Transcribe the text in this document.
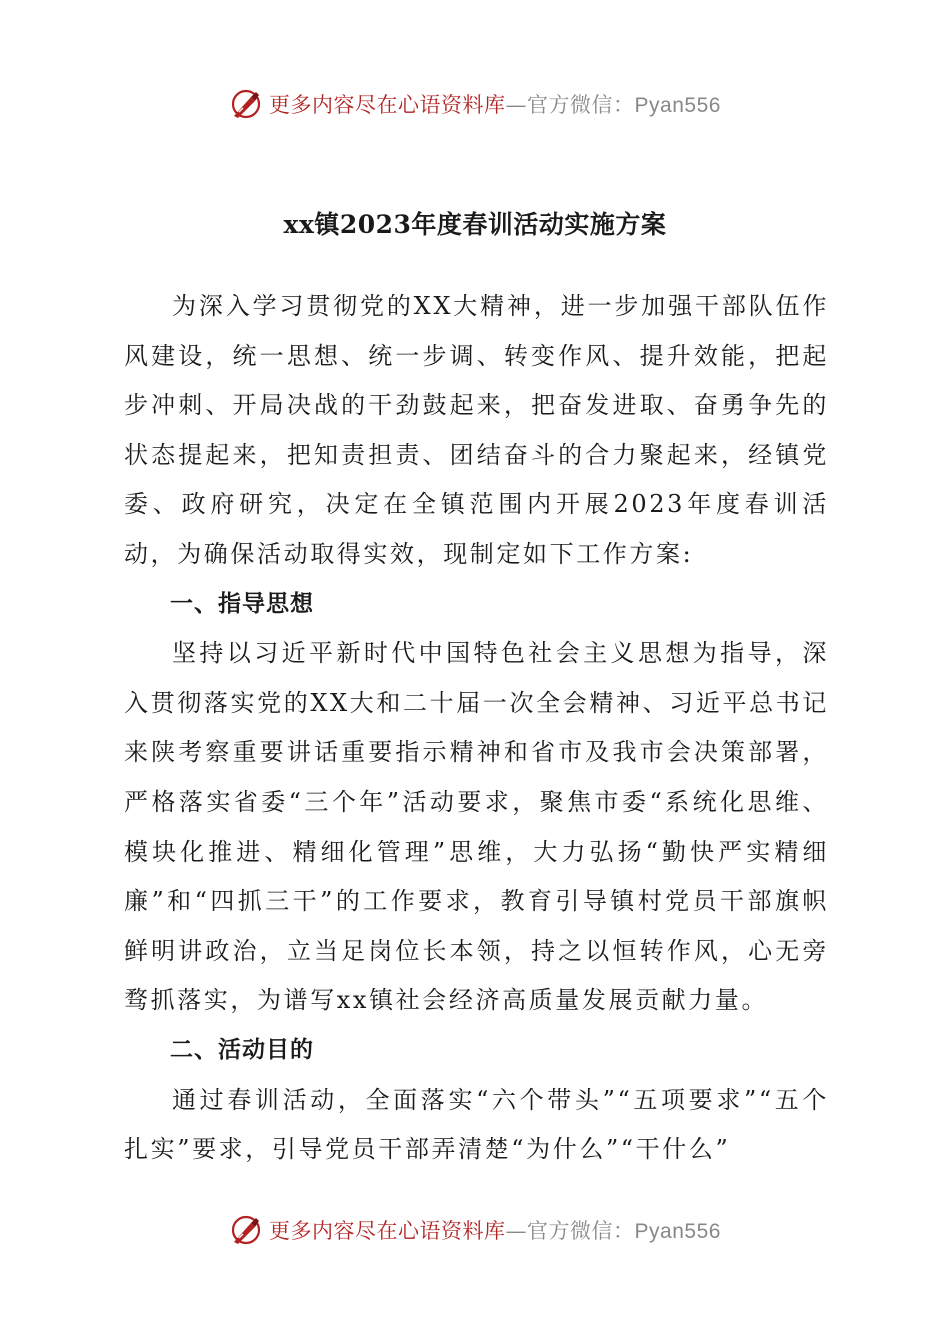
更多内容尽在心语资料库—官方微信：Pyan556
xx镇2023年度春训活动实施方案

为深入学习贯彻党的XX大精神，进一步加强干部队伍作风建设，统一思想、统一步调、转变作风、提升效能，把起步冲刺、开局决战的干劲鼓起来，把奋发进取、奋勇争先的状态提起来，把知责担责、团结奋斗的合力聚起来，经镇党委、政府研究，决定在全镇范围内开展2023年度春训活动，为确保活动取得实效，现制定如下工作方案:

一、指导思想

坚持以习近平新时代中国特色社会主义思想为指导，深入贯彻落实党的XX大和二十届一次全会精神、习近平总书记来陕考察重要讲话重要指示精神和省市及我市会决策部署，严格落实省委“三个年”活动要求，聚焦市委“系统化思维、模块化推进、精细化管理”思维，大力弘扬“勤快严实精细廉”和“四抓三干”的工作要求，教育引导镇村党员干部旗帜鲜明讲政治，立当足岗位长本领，持之以恒转作风，心无旁骛抓落实，为谱写xx镇社会经济高质量发展贡献力量。

二、活动目的

通过春训活动，全面落实“六个带头”“五项要求”“五个扎实”要求，引导党员干部弄清楚“为什么”“干什么”

更多内容尽在心语资料库—官方微信：Pyan556
